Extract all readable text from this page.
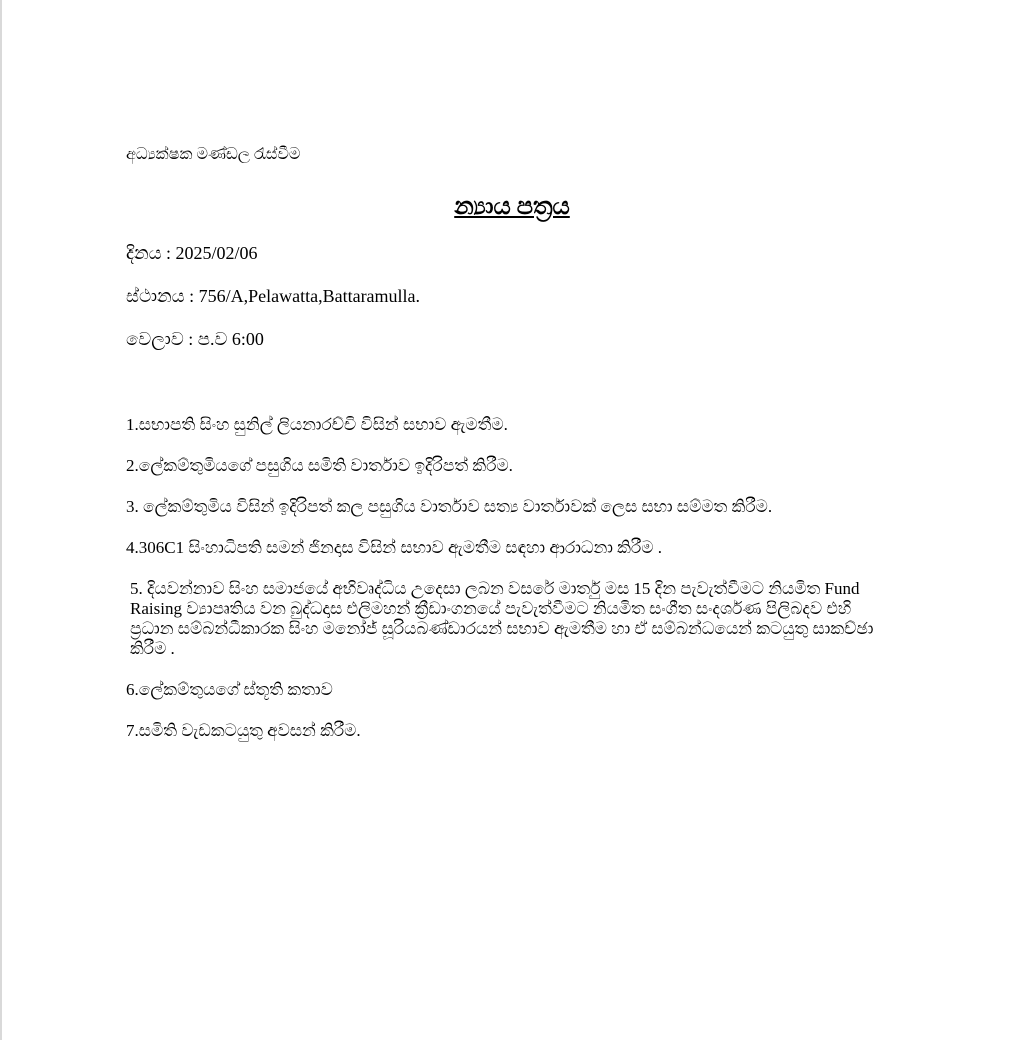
අධ්‍යක්ෂක මණ්ඩල රැස්වීම

න්‍යාය පත්‍රය

දිනය : 2025/02/06

ස්ථානය : 756/A,Pelawatta,Battaramulla.

වෙලාව : ප.ව 6:00

1.සභාපති සිංහ සුනිල් ලියනාරච්චි විසින් සභාව ඇමතීම.
2.ලේකම්තුමියගේ පසුගිය සමිති වාර්තාව ඉදිරිපත් කිරීම.
3. ලේකම්තුමිය විසින් ඉදිරිපත් කල පසුගිය වාර්තාව සත්‍ය වාර්තාවක් ලෙස සභා සම්මත කිරීම.
4.306C1 සිංහාධිපති සමන් ජිනදාස විසින් සභාව ඇමතීම සඳහා ආරාධනා කිරීම .
5. දියවන්නාව සිංහ සමාජයේ අභිවෘද්ධිය උදෙසා ලබන වසරේ මාර්තු මස 15 දින පැවැත්වීමට නියමිත Fund Raising ව්‍යාපෘතිය වන බුද්ධදාස එලිමහන් ක්‍රීඩාංගනයේ පැවැත්වීමට නියමිත සංගීත සංදර්ශණ පිලිබදව එහි ප්‍රධාන සම්බන්ධීකාරක සිංහ මනෝජ් සූරියබණ්ඩාරයන් සභාව ඇමතීම හා ඒ සම්බන්ධයෙන් කටයුතු සාකච්ඡා කිරීම .
6.ලේකම්තුයගේ ස්තූති කතාව
7.සමිති වැඩකටයුතු අවසන් කිරීම.
